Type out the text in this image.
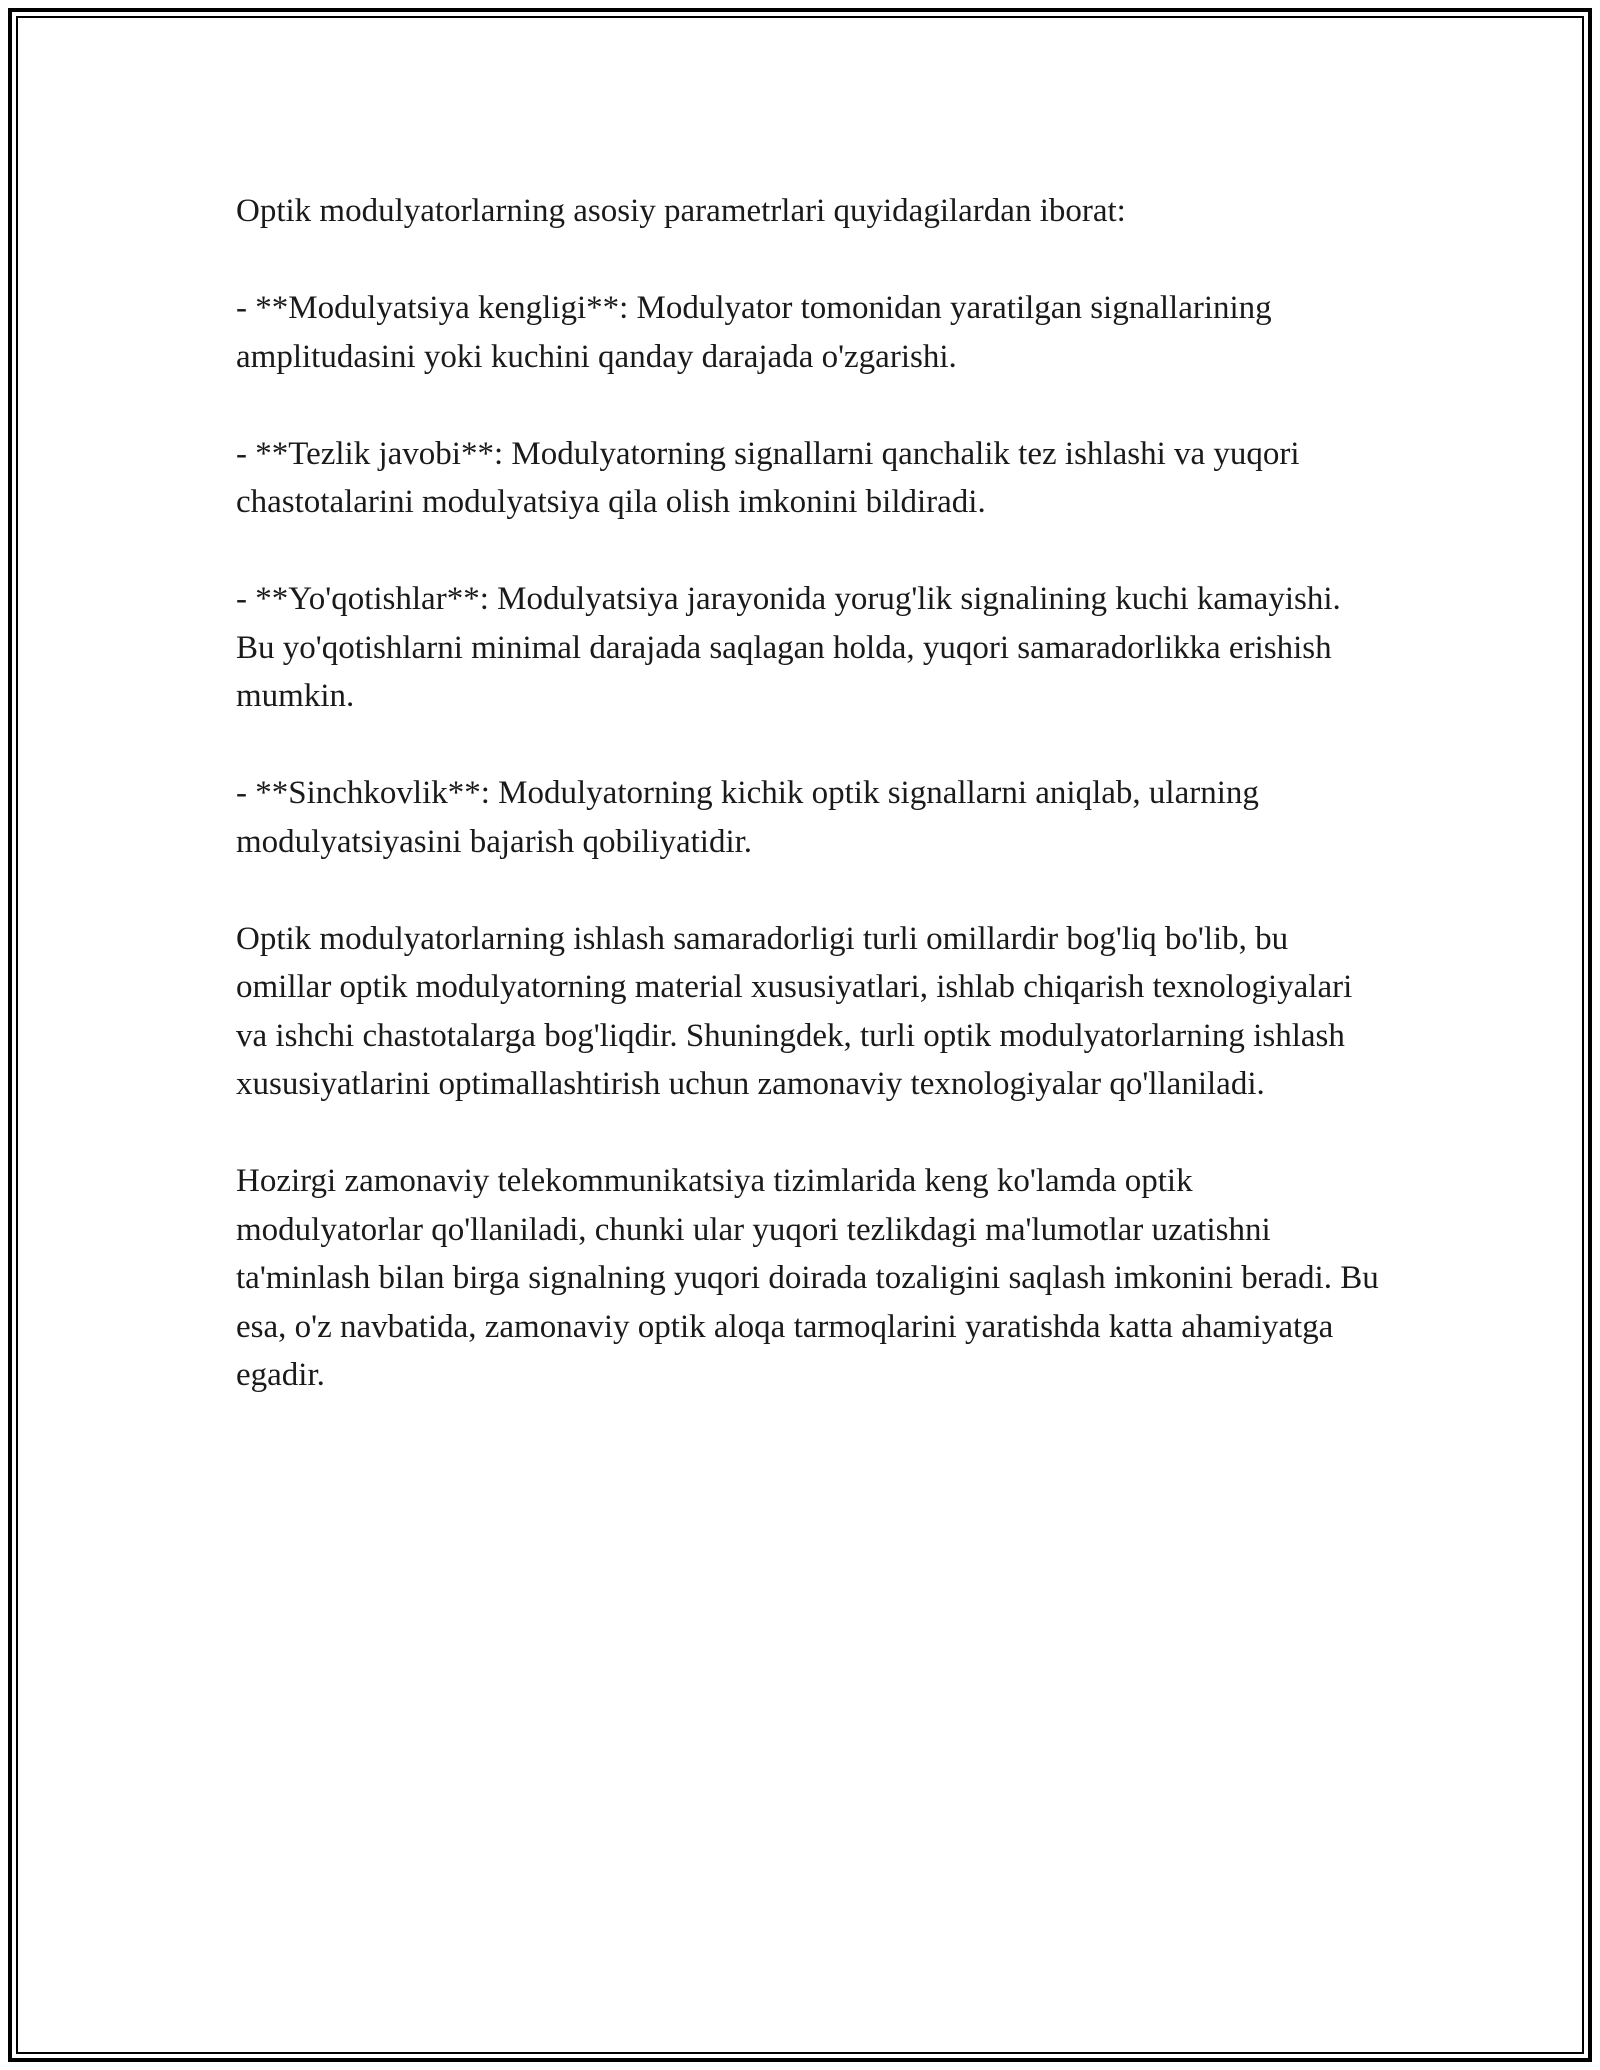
Optik modulyatorlarning asosiy parametrlari quyidagilardan iborat:

- **Modulyatsiya kengligi**: Modulyator tomonidan yaratilgan signallarining amplitudasini yoki kuchini qanday darajada o'zgarishi.

- **Tezlik javobi**: Modulyatorning signallarni qanchalik tez ishlashi va yuqori chastotalarini modulyatsiya qila olish imkonini bildiradi.

- **Yo'qotishlar**: Modulyatsiya jarayonida yorug'lik signalining kuchi kamayishi. Bu yo'qotishlarni minimal darajada saqlagan holda, yuqori samaradorlikka erishish mumkin.

- **Sinchkovlik**: Modulyatorning kichik optik signallarni aniqlab, ularning modulyatsiyasini bajarish qobiliyatidir.

Optik modulyatorlarning ishlash samaradorligi turli omillardir bog'liq bo'lib, bu omillar optik modulyatorning material xususiyatlari, ishlab chiqarish texnologiyalari va ishchi chastotalarga bog'liqdir. Shuningdek, turli optik modulyatorlarning ishlash xususiyatlarini optimallashtirish uchun zamonaviy texnologiyalar qo'llaniladi.

Hozirgi zamonaviy telekommunikatsiya tizimlarida keng ko'lamda optik modulyatorlar qo'llaniladi, chunki ular yuqori tezlikdagi ma'lumotlar uzatishni ta'minlash bilan birga signalning yuqori doirada tozaligini saqlash imkonini beradi. Bu esa, o'z navbatida, zamonaviy optik aloqa tarmoqlarini yaratishda katta ahamiyatga egadir.
